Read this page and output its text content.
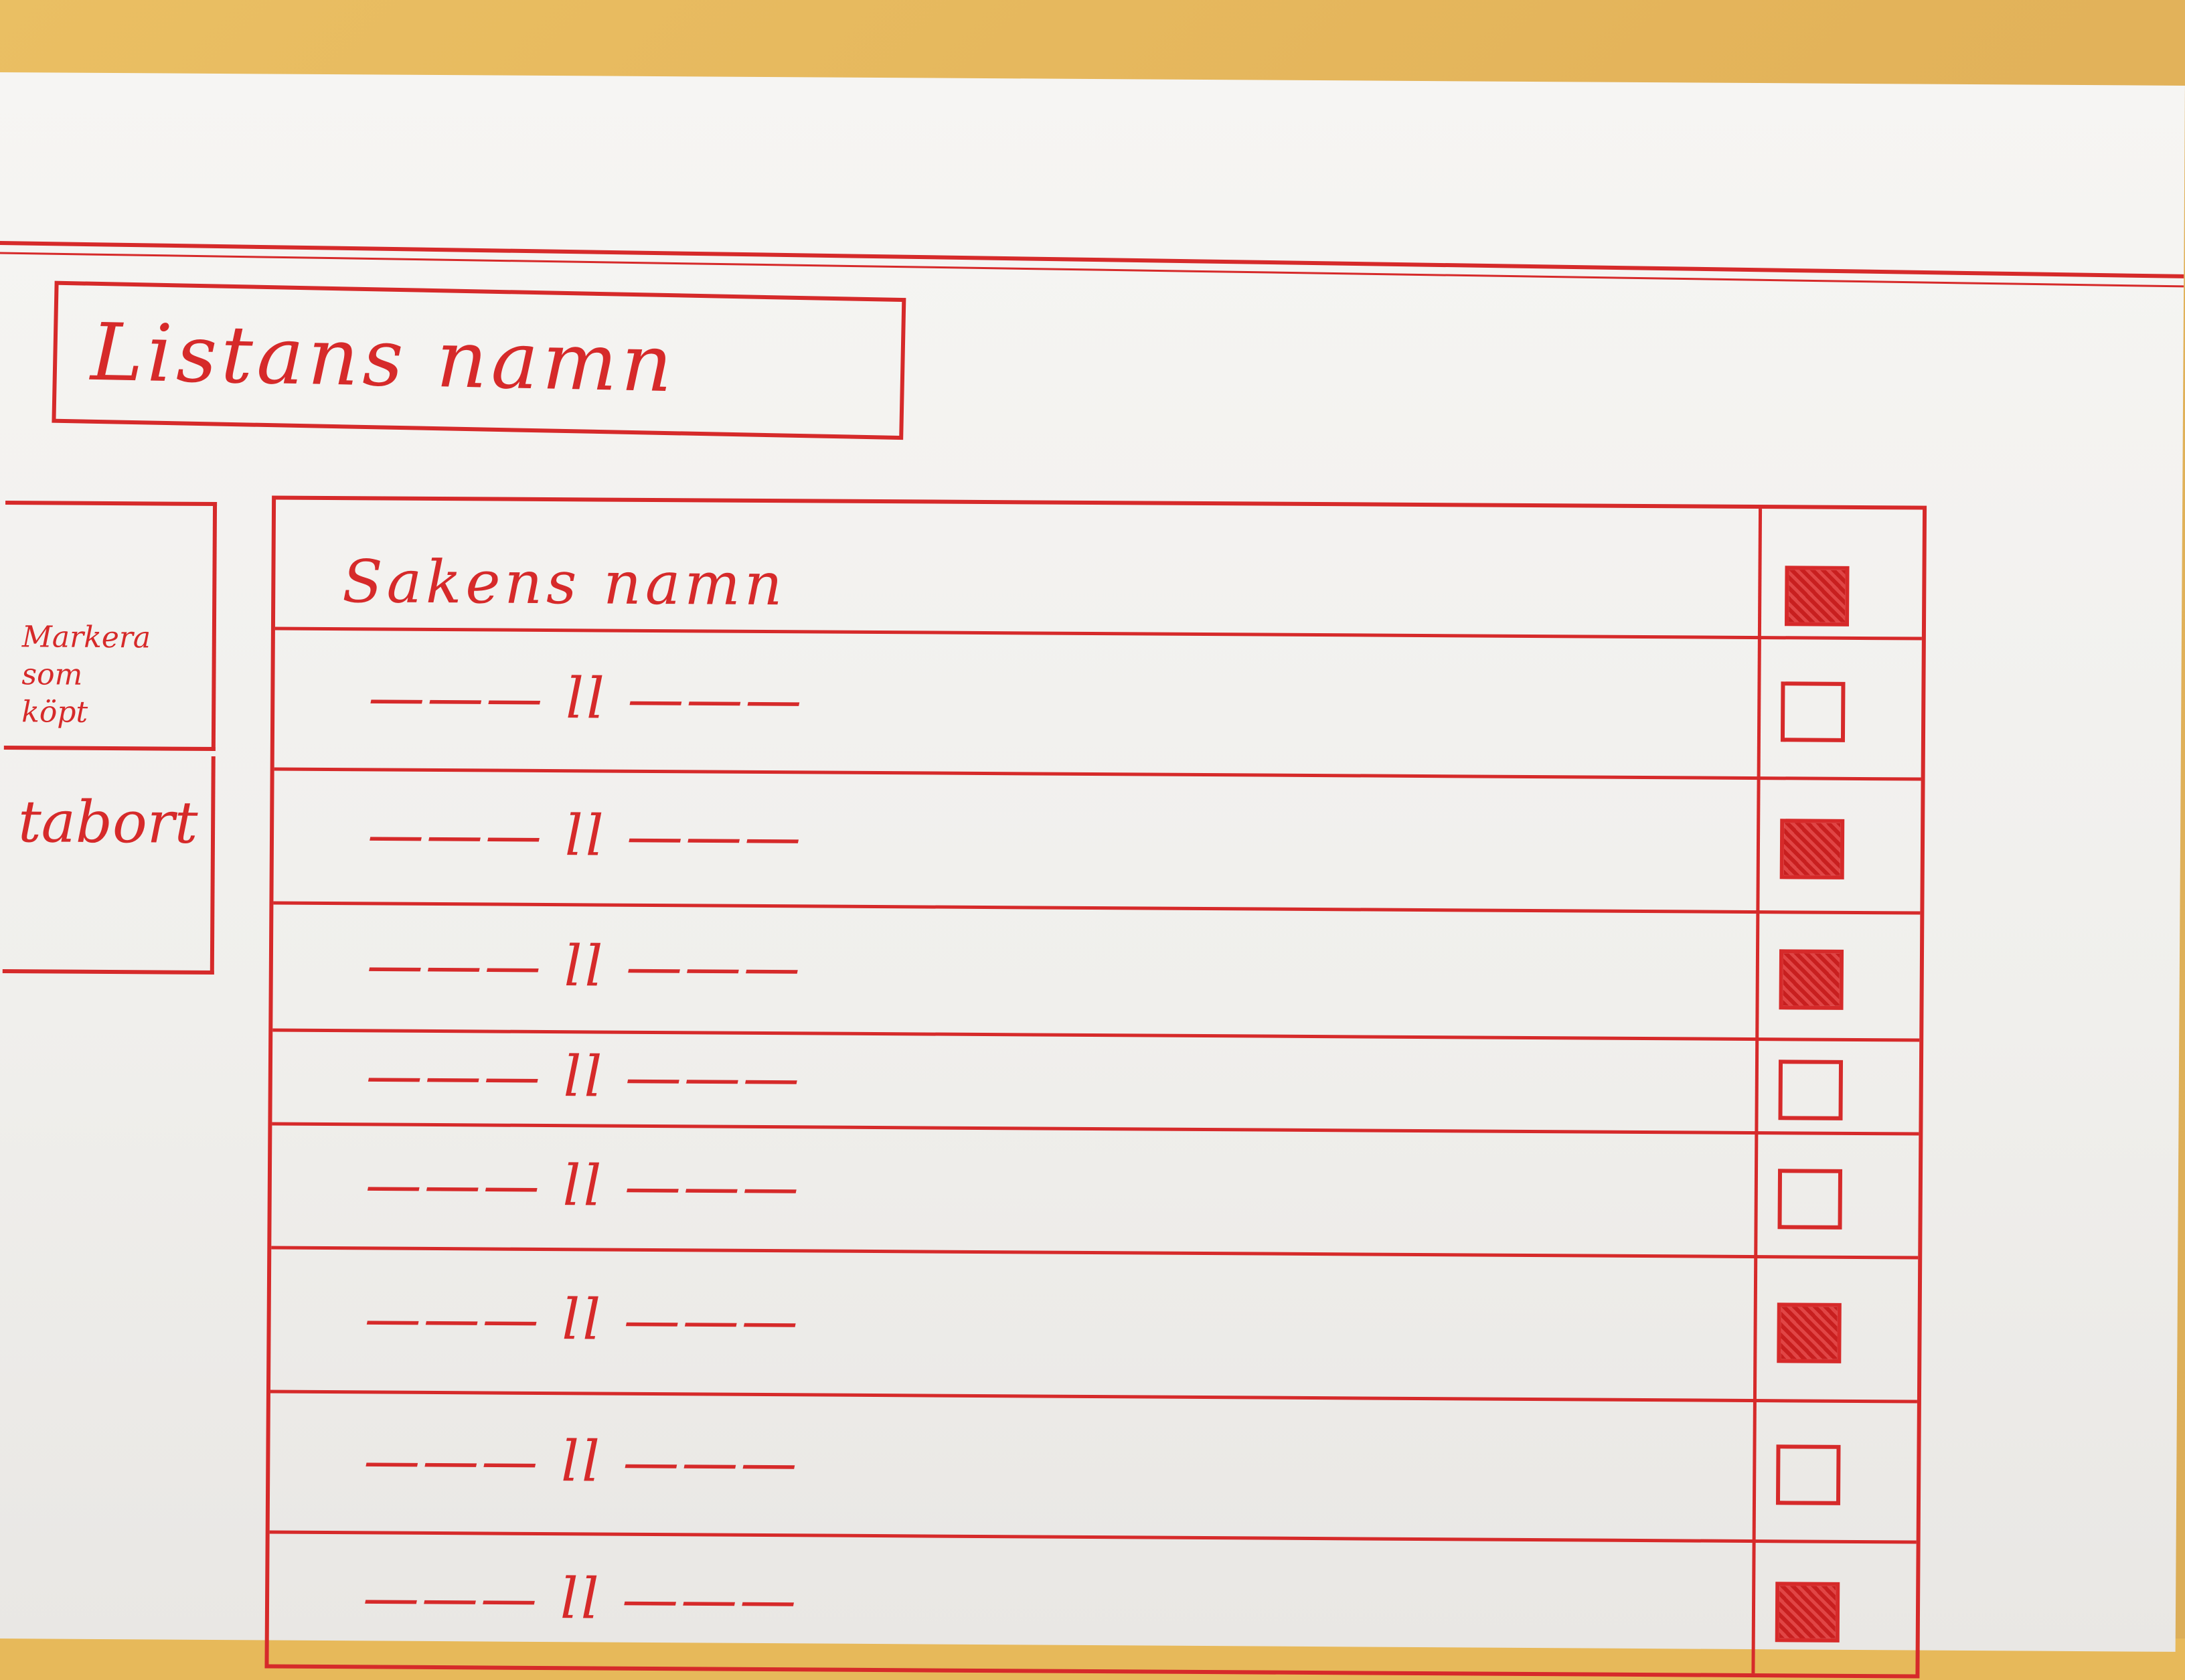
Listans namn
Markera
som
köpt
tabort
Sakens namn
——— ll ———
——— ll ———
——— ll ———
——— ll ———
——— ll ———
——— ll ———
——— ll ———
——— ll ———
